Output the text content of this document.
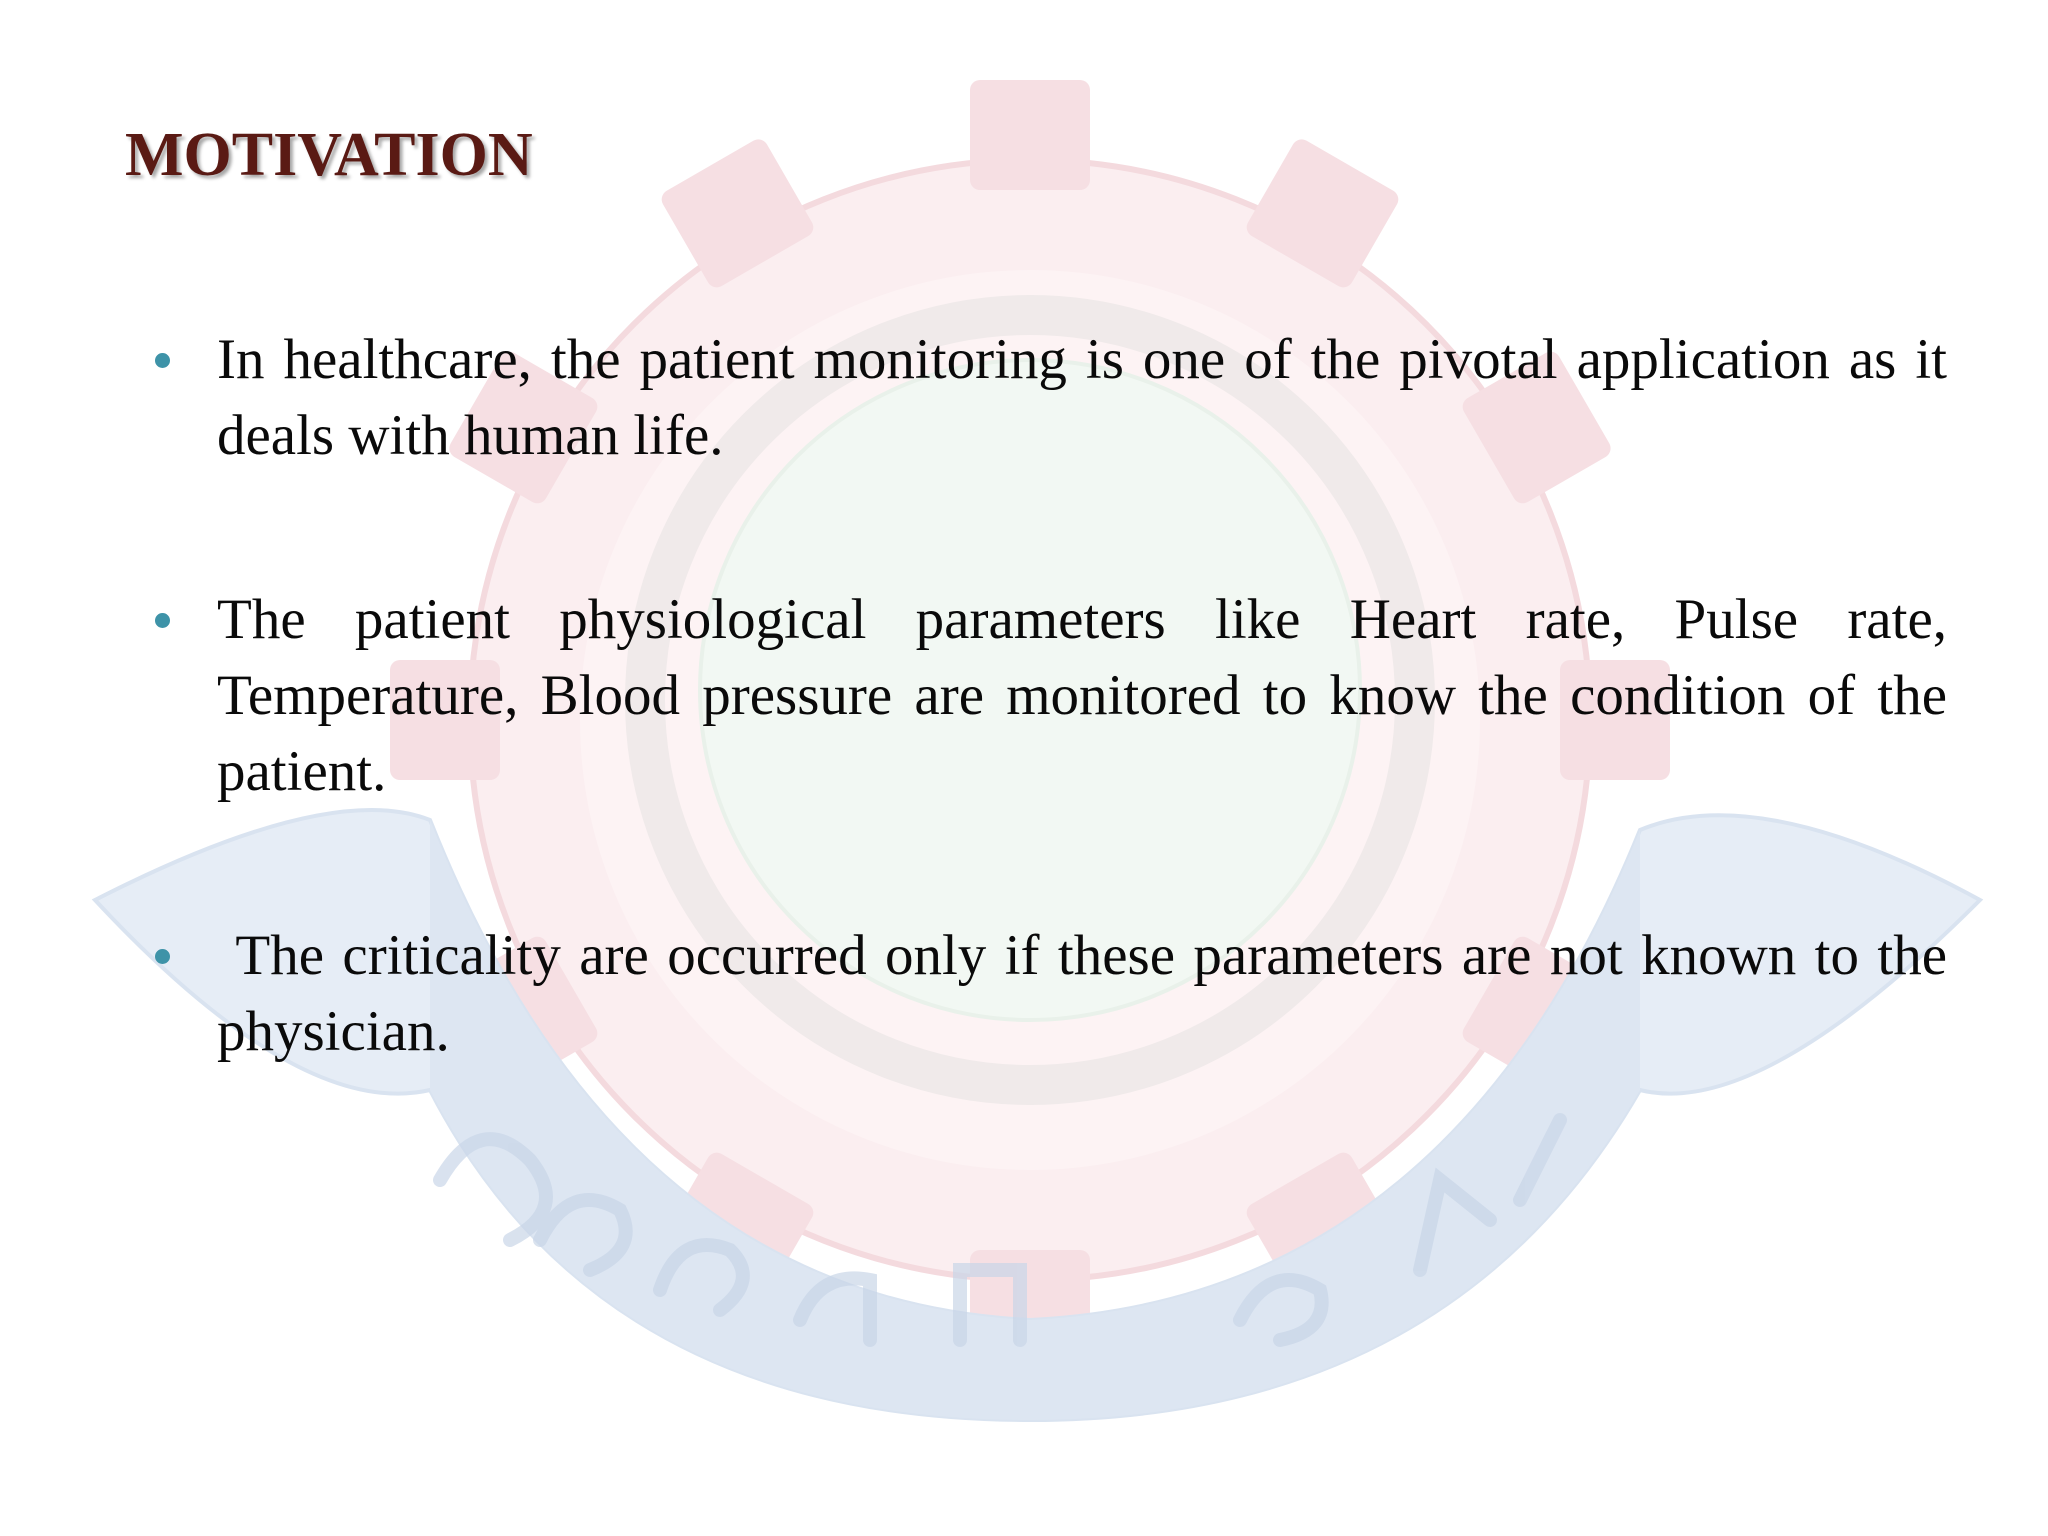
MOTIVATION
In healthcare, the patient monitoring is one of the pivotal application as it deals with human life.
The patient physiological parameters like Heart rate, Pulse rate, Temperature, Blood pressure are monitored to know the condition of the patient.
The criticality are occurred only if these parameters are not known to the physician.
